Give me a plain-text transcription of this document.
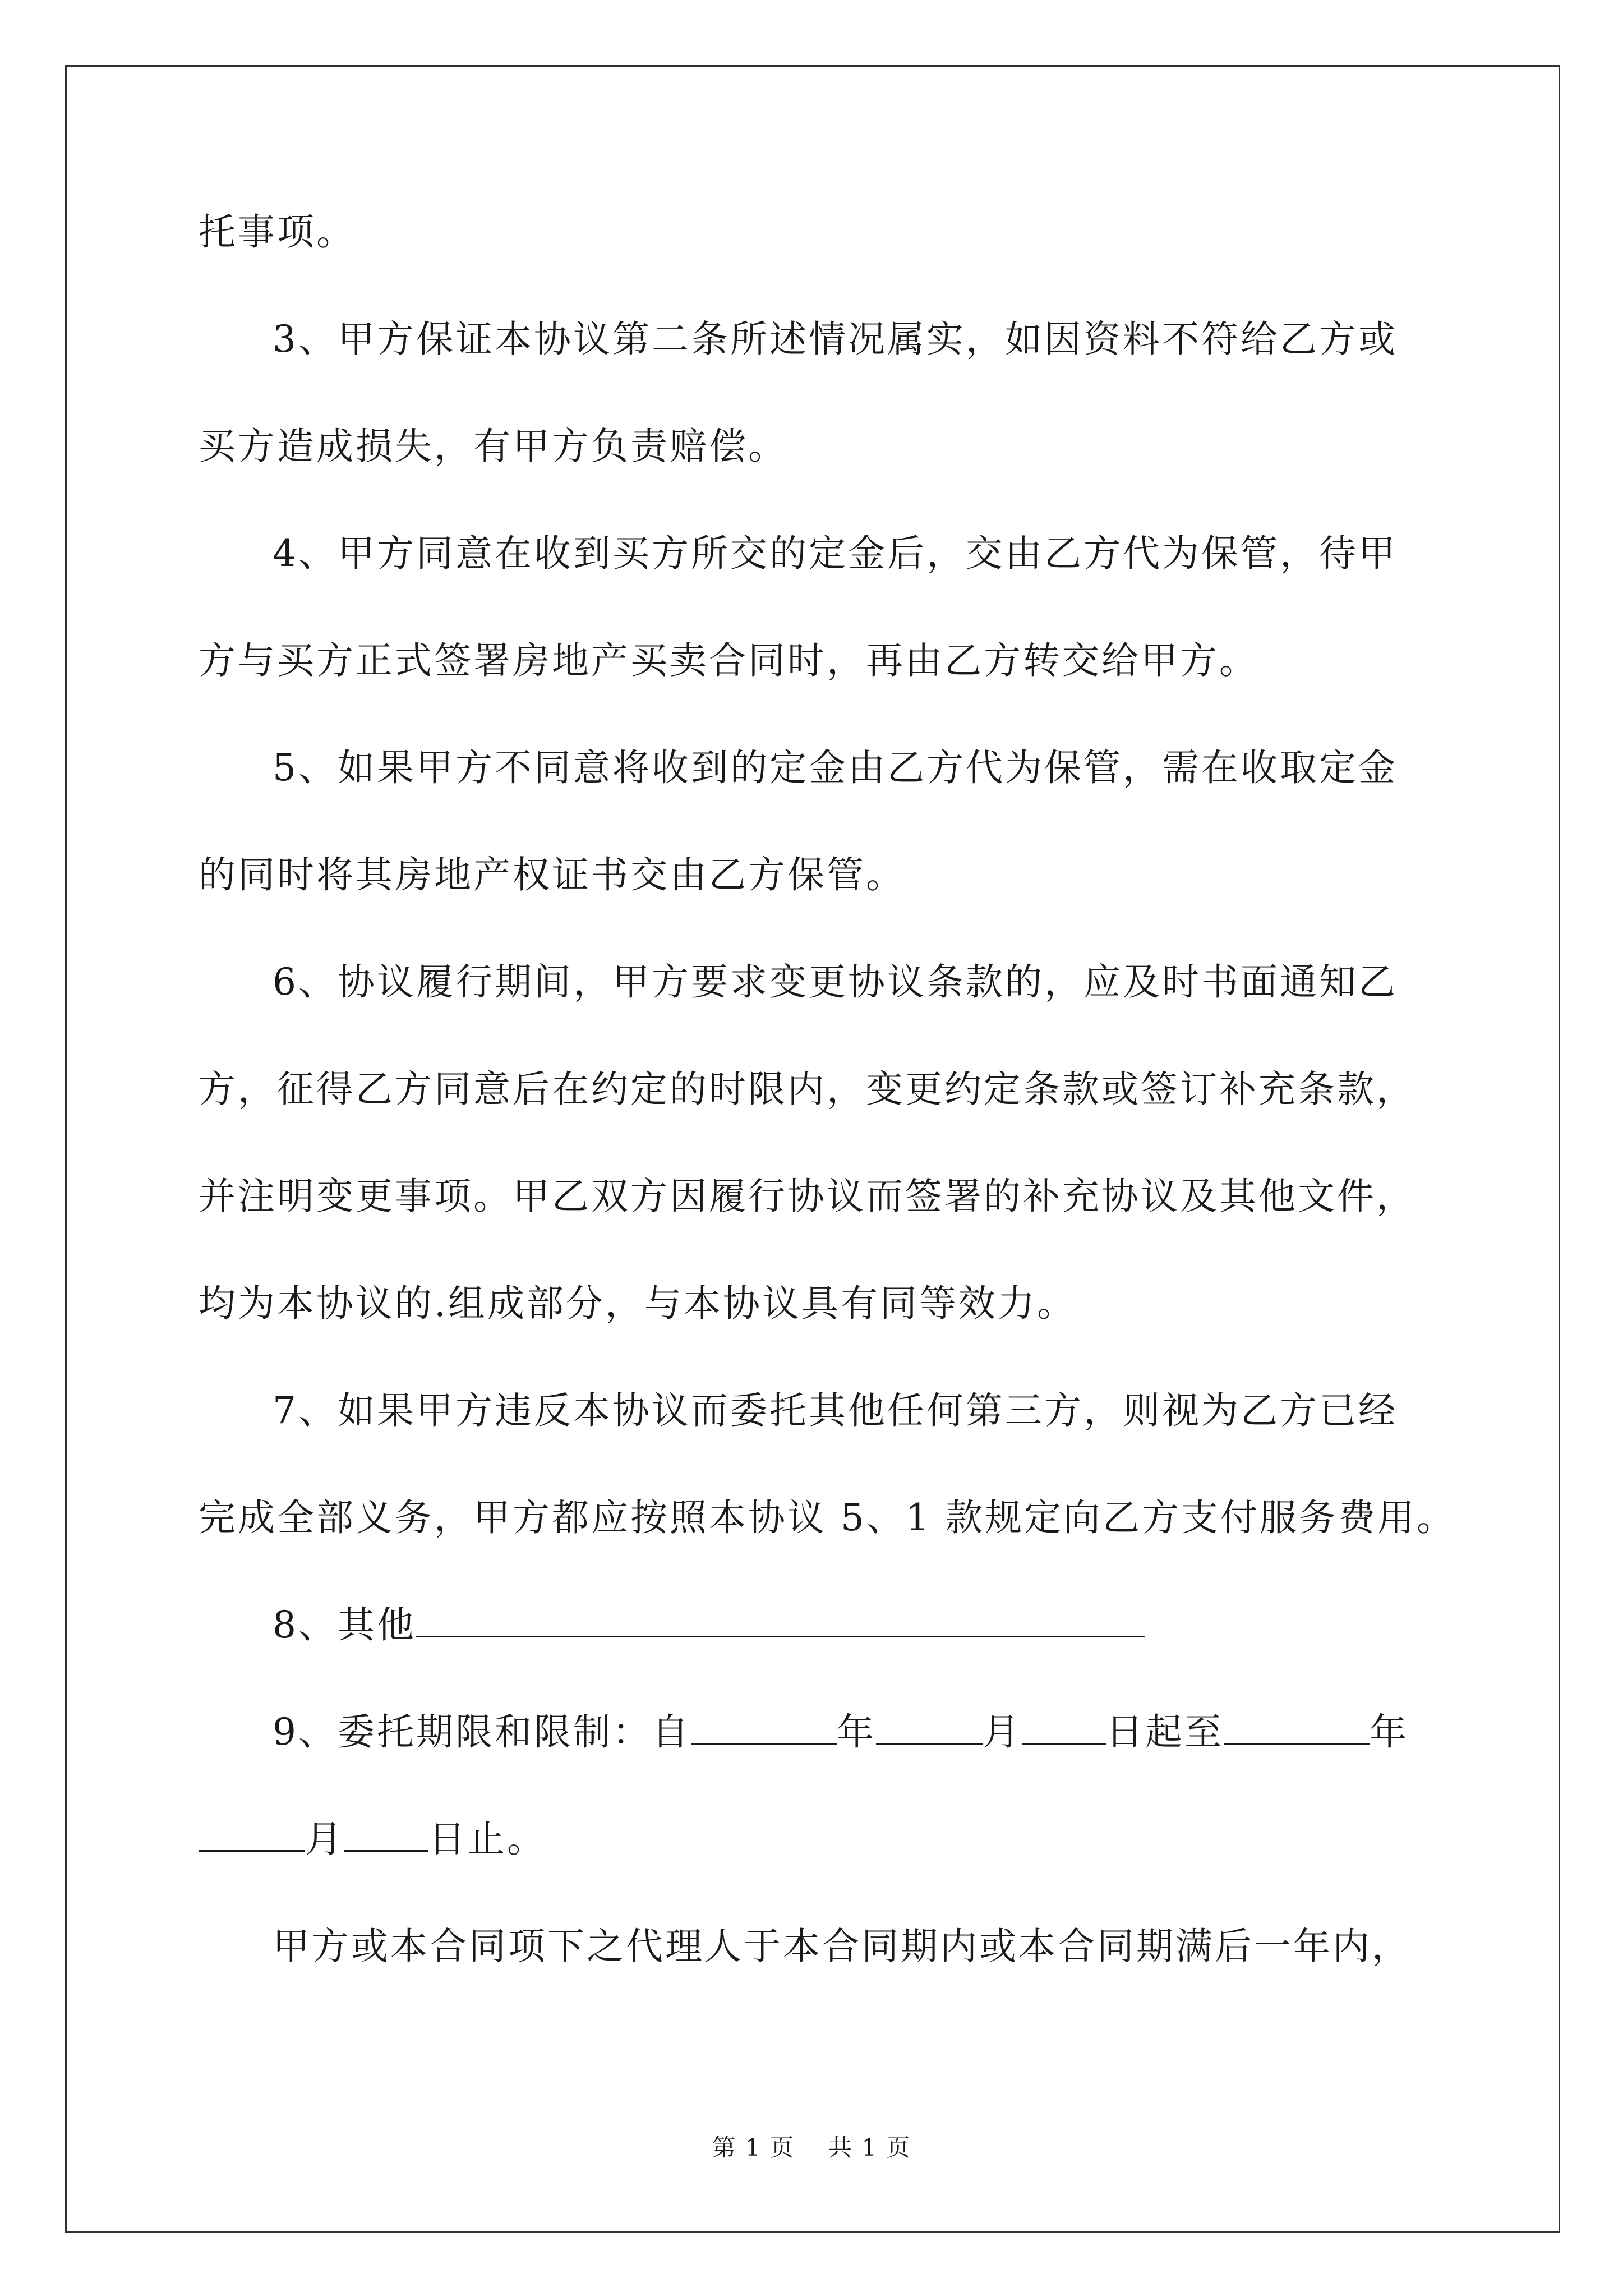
托事项。
3、甲方保证本协议第二条所述情况属实，如因资料不符给乙方或
买方造成损失，有甲方负责赔偿。
4、甲方同意在收到买方所交的定金后，交由乙方代为保管，待甲
方与买方正式签署房地产买卖合同时，再由乙方转交给甲方。
5、如果甲方不同意将收到的定金由乙方代为保管，需在收取定金
的同时将其房地产权证书交由乙方保管。
6、协议履行期间，甲方要求变更协议条款的，应及时书面通知乙
方，征得乙方同意后在约定的时限内，变更约定条款或签订补充条款，
并注明变更事项。甲乙双方因履行协议而签署的补充协议及其他文件，
均为本协议的.组成部分，与本协议具有同等效力。
7、如果甲方违反本协议而委托其他任何第三方，则视为乙方已经
完成全部义务，甲方都应按照本协议 5、1 款规定向乙方支付服务费用。
8、其他
9、委托期限和限制：自	年	月 日起至	年
月 日止。
甲方或本合同项下之代理人于本合同期内或本合同期满后一年内，
第 1 页 共 1 页
